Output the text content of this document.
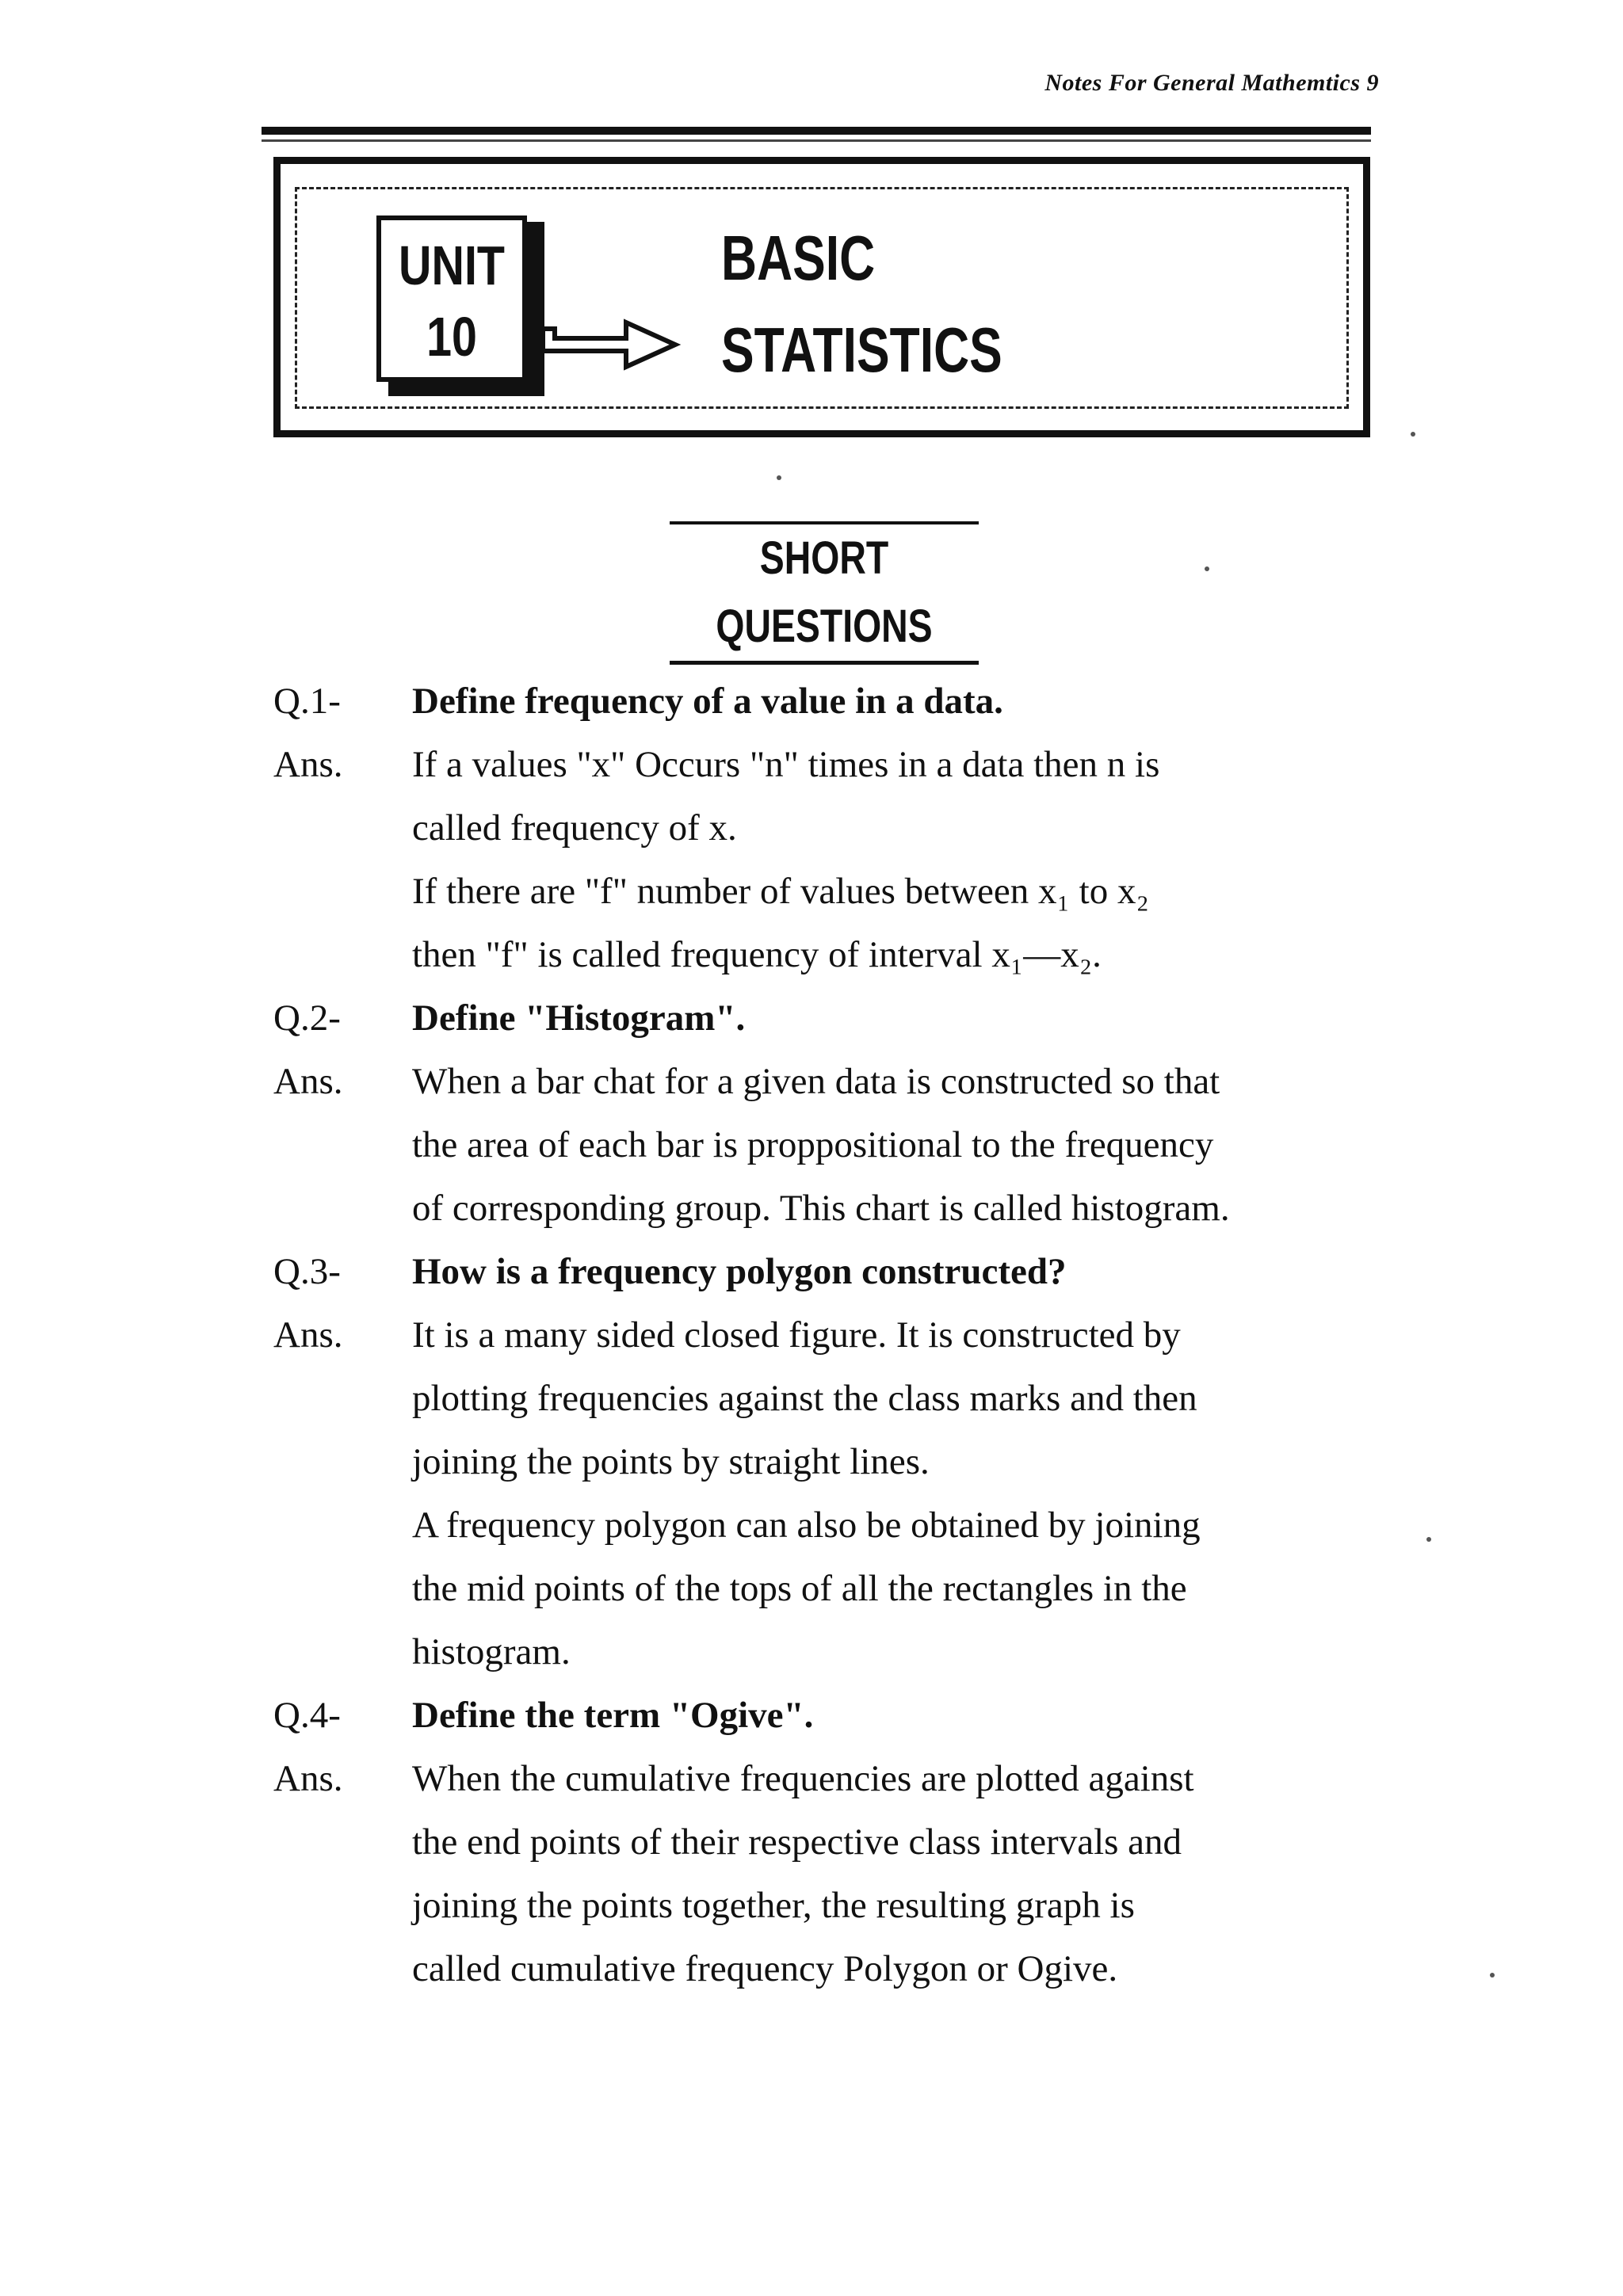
Notes For General Mathemtics 9
UNIT
10
BASIC
STATISTICS
SHORT QUESTIONS
Q.1-	Define frequency of a value in a data.
Ans.	If a values "x" Occurs "n" times in a data then n is
called frequency of x.
If there are "f" number of values between x₁ to x₂
then "f" is called frequency of interval x₁—x₂.
Q.2-	Define "Histogram".
Ans.	When a bar chat for a given data is constructed so that
the area of each bar is proppositional to the frequency
of corresponding group. This chart is called histogram.
Q.3-	How is a frequency polygon constructed?
Ans.	It is a many sided closed figure. It is constructed by
plotting frequencies against the class marks and then
joining the points by straight lines.
A frequency polygon can also be obtained by joining
the mid points of the tops of all the rectangles in the
histogram.
Q.4-	Define the term "Ogive".
Ans.	When the cumulative frequencies are plotted against
the end points of their respective class intervals and
joining the points together, the resulting graph is
called cumulative frequency Polygon or Ogive.
